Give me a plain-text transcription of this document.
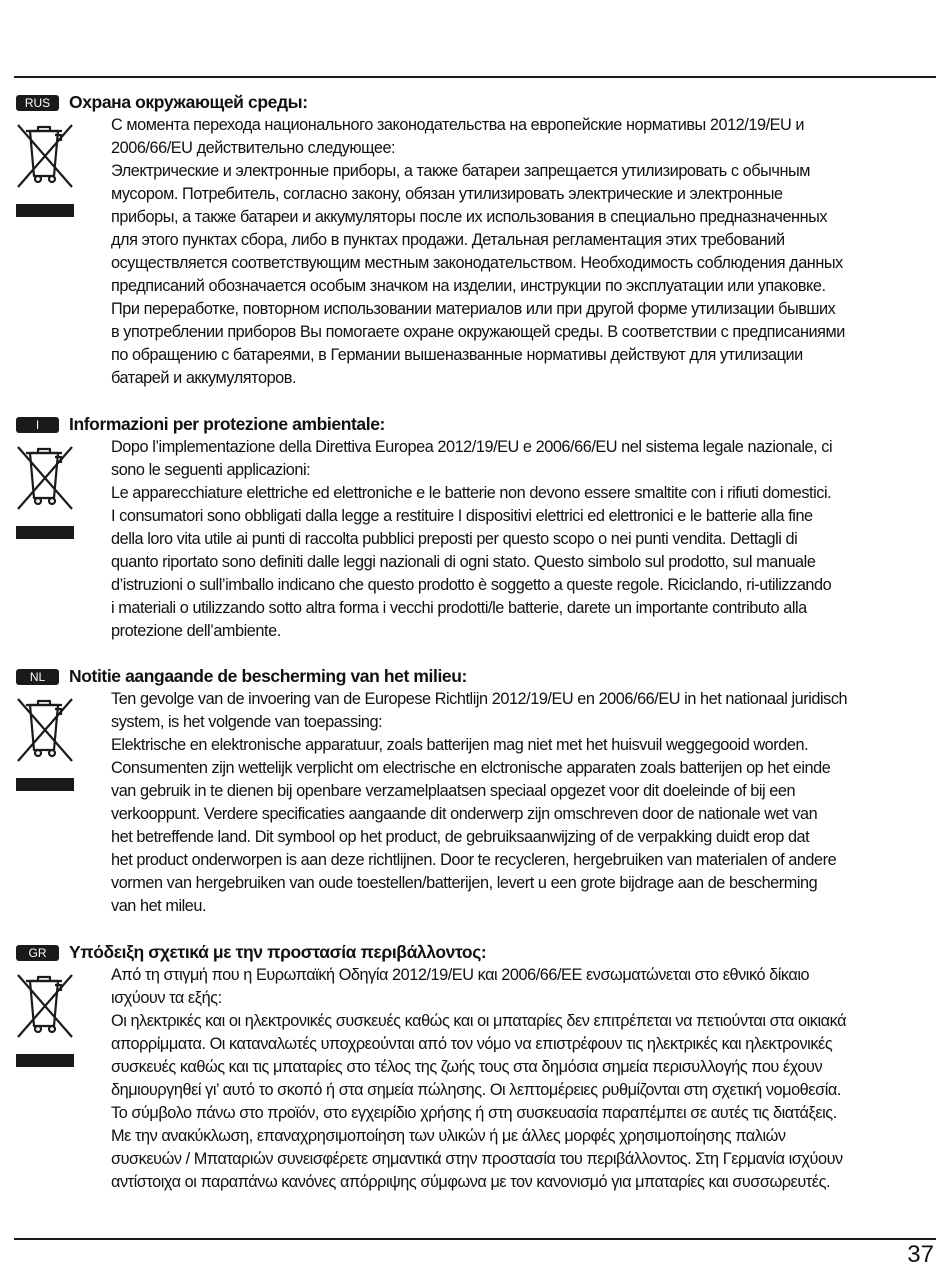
RUS	Охрана окружающей среды:
С момента перехода национального законодательства на европейские нормативы 2012/19/EU и
2006/66/EU действительно следующее:
Электрические и электронные приборы, а также батареи запрещается утилизировать с обычным
мусором. Потребитель, согласно закону, обязан утилизировать электрические и электронные
приборы, а также батареи и аккумуляторы после их использования в специально предназначенных
для этого пунктах сбора, либо в пунктах продажи. Детальная регламентация этих требований
осуществляется соответствующим местным законодательством. Необходимость соблюдения данных
предписаний обозначается особым значком на изделии, инструкции по эксплуатации или упаковке.
При переработке, повторном использовании материалов или при другой форме утилизации бывших
в употреблении приборов Вы помогаете охране окружающей среды. В соответствии с предписаниями
по обращению с батареями, в Германии вышеназванные нормативы действуют для утилизации
батарей и аккумуляторов.
I	Informazioni per protezione ambientale:
Dopo l’implementazione della Direttiva Europea 2012/19/EU e 2006/66/EU nel sistema legale nazionale, ci
sono le seguenti applicazioni:
Le apparecchiature elettriche ed elettroniche e le batterie non devono essere smaltite con i rifiuti domestici.
I consumatori sono obbligati dalla legge a restituire I dispositivi elettrici ed elettronici e le batterie alla fine
della loro vita utile ai punti di raccolta pubblici preposti per questo scopo o nei punti vendita. Dettagli di
quanto riportato sono definiti dalle leggi nazionali di ogni stato. Questo simbolo sul prodotto, sul manuale
d’istruzioni o sull’imballo indicano che questo prodotto è soggetto a queste regole. Riciclando, ri-utilizzando
i materiali o utilizzando sotto altra forma i vecchi prodotti/le batterie, darete un importante contributo alla
protezione dell’ambiente.
NL	Notitie aangaande de bescherming van het milieu:
Ten gevolge van de invoering van de Europese Richtlijn 2012/19/EU en 2006/66/EU in het nationaal juridisch
system, is het volgende van toepassing:
Elektrische en elektronische apparatuur, zoals batterijen mag niet met het huisvuil weggegooid worden.
Consumenten zijn wettelijk verplicht om electrische en elctronische apparaten zoals batterijen op het einde
van gebruik in te dienen bij openbare verzamelplaatsen speciaal opgezet voor dit doeleinde of bij een
verkooppunt. Verdere specificaties aangaande dit onderwerp zijn omschreven door de nationale wet van
het betreffende land. Dit symbool op het product, de gebruiksaanwijzing of de verpakking duidt erop dat
het product onderworpen is aan deze richtlijnen. Door te recycleren, hergebruiken van materialen of andere
vormen van hergebruiken van oude toestellen/batterijen, levert u een grote bijdrage aan de bescherming
van het mileu.
GR	Υπόδειξη σχετικά με την προστασία περιβάλλοντος:
Από τη στιγμή που η Ευρωπαϊκή Οδηγία 2012/19/EU και 2006/66/EE ενσωματώνεται στο εθνικό δίκαιο
ισχύουν τα εξής:
Οι ηλεκτρικές και οι ηλεκτρονικές συσκευές καθώς και οι μπαταρίες δεν επιτρέπεται να πετιούνται στα οικιακά
απορρίμματα. Οι καταναλωτές υποχρεούνται από τον νόμο να επιστρέφουν τις ηλεκτρικές και ηλεκτρονικές
συσκευές καθώς και τις μπαταρίες στο τέλος της ζωής τους στα δημόσια σημεία περισυλλογής που έχουν
δημιουργηθεί γι’ αυτό το σκοπό ή στα σημεία πώλησης. Οι λεπτομέρειες ρυθμίζονται στη σχετική νομοθεσία.
Το σύμβολο πάνω στο προϊόν, στο εγχειρίδιο χρήσης ή στη συσκευασία παραπέμπει σε αυτές τις διατάξεις.
Με την ανακύκλωση, επαναχρησιμοποίηση των υλικών ή με άλλες μορφές χρησιμοποίησης παλιών
συσκευών / Μπαταριών συνεισφέρετε σημαντικά στην προστασία του περιβάλλοντος. Στη Γερμανία ισχύουν
αντίστοιχα οι παραπάνω κανόνες απόρριψης σύμφωνα με τον κανονισμό για μπαταρίες και συσσωρευτές.
37
